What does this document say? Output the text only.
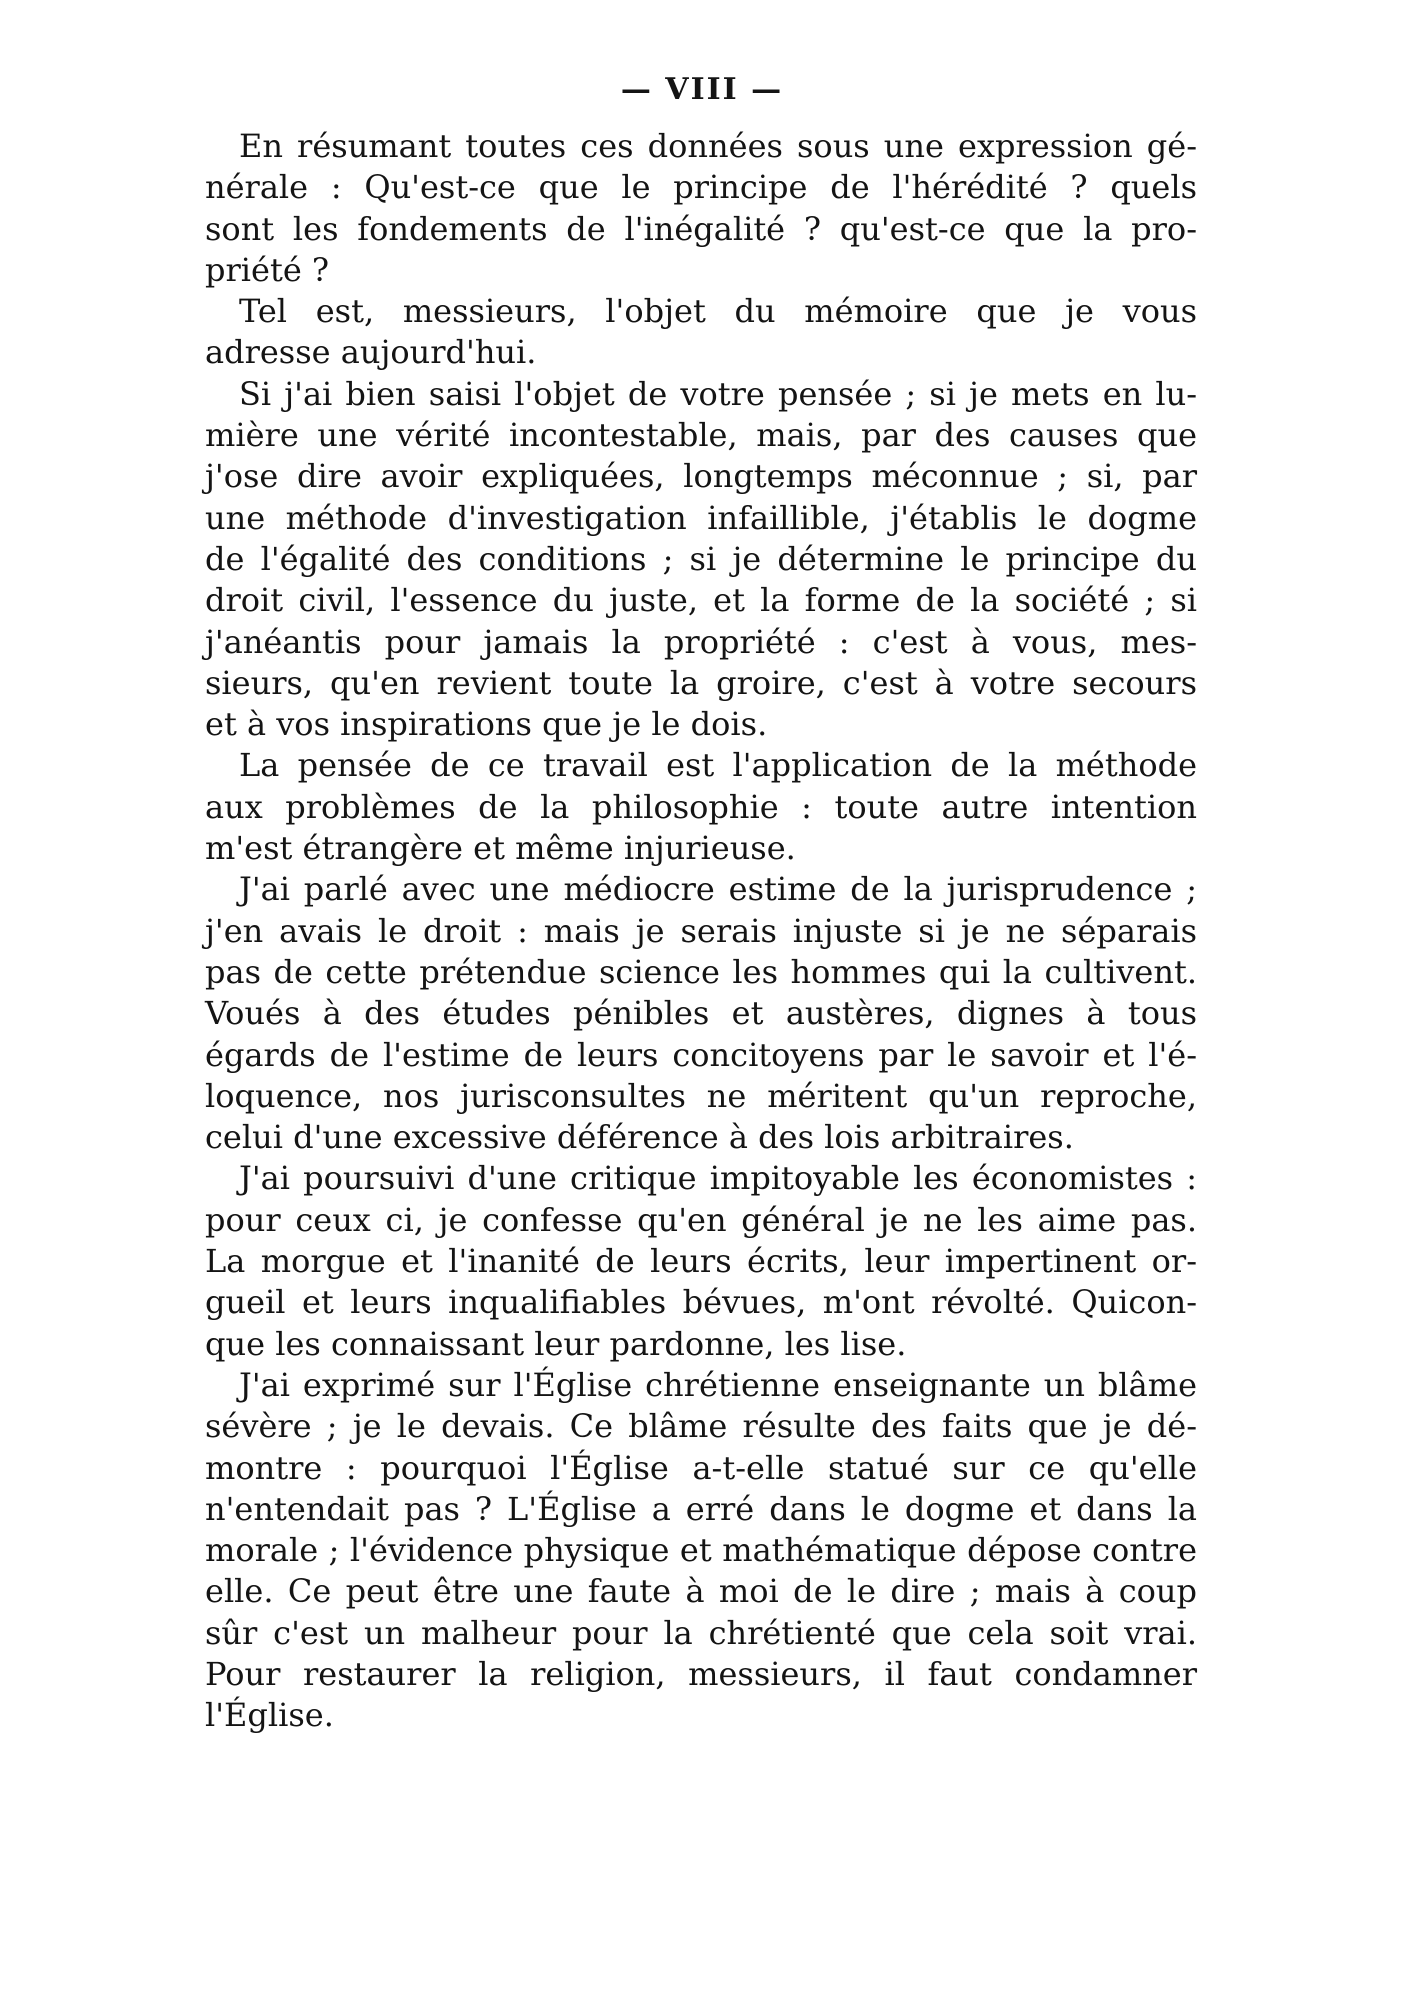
— VIII —

En résumant toutes ces données sous une expression gé-
nérale : Qu'est-ce que le principe de l'hérédité ? quels
sont les fondements de l'inégalité ? qu'est-ce que la pro-
priété ?

Tel est, messieurs, l'objet du mémoire que je vous
adresse aujourd'hui.

Si j'ai bien saisi l'objet de votre pensée ; si je mets en lu-
mière une vérité incontestable, mais, par des causes que
j'ose dire avoir expliquées, longtemps méconnue ; si, par
une méthode d'investigation infaillible, j'établis le dogme
de l'égalité des conditions ; si je détermine le principe du
droit civil, l'essence du juste, et la forme de la société ; si
j'anéantis pour jamais la propriété : c'est à vous, mes-
sieurs, qu'en revient toute la groire, c'est à votre secours
et à vos inspirations que je le dois.

La pensée de ce travail est l'application de la méthode
aux problèmes de la philosophie : toute autre intention
m'est étrangère et même injurieuse.

J'ai parlé avec une médiocre estime de la jurisprudence ;
j'en avais le droit : mais je serais injuste si je ne séparais
pas de cette prétendue science les hommes qui la cultivent.
Voués à des études pénibles et austères, dignes à tous
égards de l'estime de leurs concitoyens par le savoir et l'é-
loquence, nos jurisconsultes ne méritent qu'un reproche,
celui d'une excessive déférence à des lois arbitraires.

J'ai poursuivi d'une critique impitoyable les économistes :
pour ceux ci, je confesse qu'en général je ne les aime pas.
La morgue et l'inanité de leurs écrits, leur impertinent or-
gueil et leurs inqualifiables bévues, m'ont révolté. Quicon-
que les connaissant leur pardonne, les lise.

J'ai exprimé sur l'Église chrétienne enseignante un blâme
sévère ; je le devais. Ce blâme résulte des faits que je dé-
montre : pourquoi l'Église a-t-elle statué sur ce qu'elle
n'entendait pas ? L'Église a erré dans le dogme et dans la
morale ; l'évidence physique et mathématique dépose contre
elle. Ce peut être une faute à moi de le dire ; mais à coup
sûr c'est un malheur pour la chrétienté que cela soit vrai.
Pour restaurer la religion, messieurs, il faut condamner
l'Église.
